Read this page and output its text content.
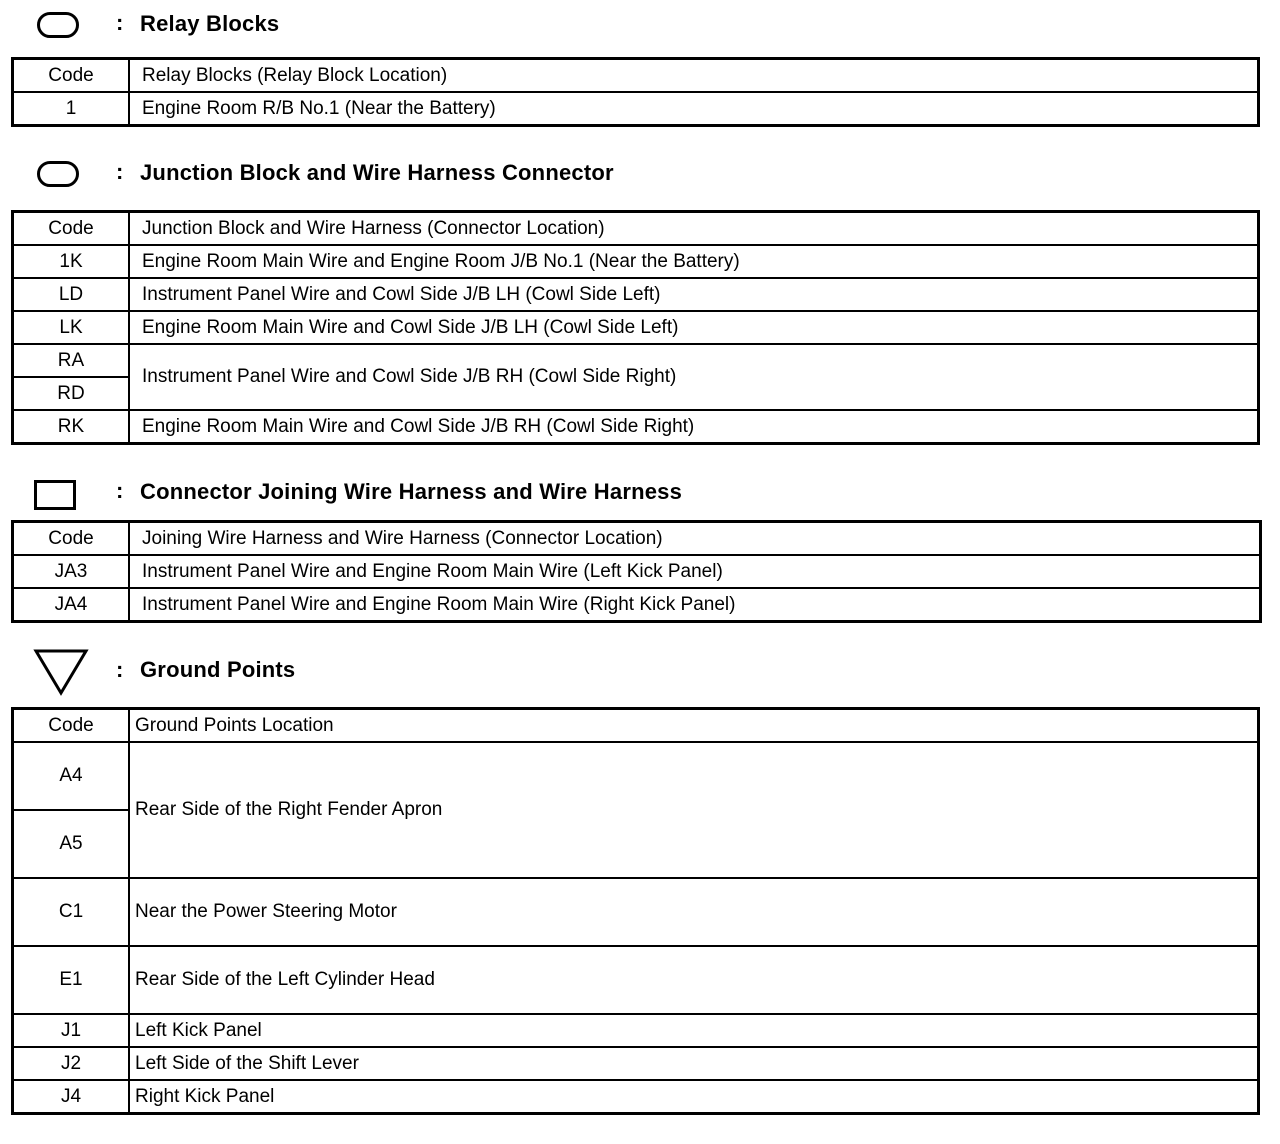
: Relay Blocks
Code	Relay Blocks (Relay Block Location)
1	Engine Room R/B No.1 (Near the Battery)
: Junction Block and Wire Harness Connector
Code	Junction Block and Wire Harness (Connector Location)
1K	Engine Room Main Wire and Engine Room J/B No.1 (Near the Battery)
LD	Instrument Panel Wire and Cowl Side J/B LH (Cowl Side Left)
LK	Engine Room Main Wire and Cowl Side J/B LH (Cowl Side Left)
RA	Instrument Panel Wire and Cowl Side J/B RH (Cowl Side Right)
RD	
RK	Engine Room Main Wire and Cowl Side J/B RH (Cowl Side Right)
: Connector Joining Wire Harness and Wire Harness
Code	Joining Wire Harness and Wire Harness (Connector Location)
JA3	Instrument Panel Wire and Engine Room Main Wire (Left Kick Panel)
JA4	Instrument Panel Wire and Engine Room Main Wire (Right Kick Panel)
: Ground Points
Code	Ground Points Location
A4	Rear Side of the Right Fender Apron
A5	
C1	Near the Power Steering Motor
E1	Rear Side of the Left Cylinder Head
J1	Left Kick Panel
J2	Left Side of the Shift Lever
J4	Right Kick Panel
